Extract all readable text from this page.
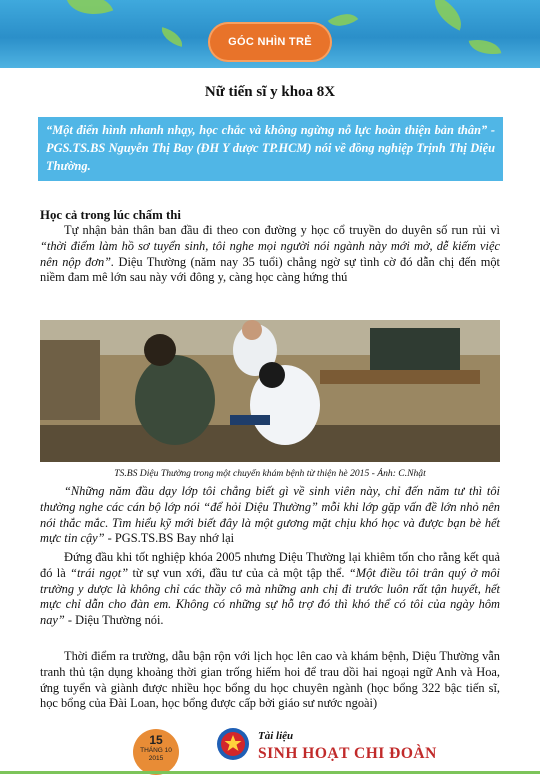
GÓC NHÌN TRẺ
Nữ tiến sĩ y khoa 8X
“Một điển hình nhanh nhạy, học chắc và không ngừng nỗ lực hoàn thiện bản thân” - PGS.TS.BS Nguyễn Thị Bay (ĐH Y dược TP.HCM) nói về đồng nghiệp Trịnh Thị Diệu Thường.
Học cả trong lúc chấm thi
Tự nhận bản thân ban đầu đi theo con đường y học cổ truyền do duyên số run rủi vì “thời điểm làm hồ sơ tuyển sinh, tôi nghe mọi người nói ngành này mới mở, dễ kiếm việc nên nộp đơn”. Diệu Thường (năm nay 35 tuổi) chẳng ngờ sự tình cờ đó dẫn chị đến một niềm đam mê lớn sau này với đông y, càng học càng hứng thú
TS.BS Diệu Thường trong một chuyến khám bệnh từ thiện hè 2015 - Ảnh: C.Nhật
“Những năm đầu dạy lớp tôi chẳng biết gì về sinh viên này, chỉ đến năm tư thì tôi thường nghe các cán bộ lớp nói “để hỏi Diệu Thường” mỗi khi lớp gặp vấn đề lớn nhỏ nên nói thắc mắc. Tìm hiểu kỹ mới biết đây là một gương mặt chịu khó học và được bạn bè hết mực tin cậy” - PGS.TS.BS Bay nhớ lại
Đứng đầu khi tốt nghiệp khóa 2005 nhưng Diệu Thường lại khiêm tốn cho rằng kết quả đó là “trái ngọt” từ sự vun xới, đầu tư của cả một tập thể. “Một điều tôi trân quý ở môi trường y dược là không chỉ các thầy cô mà những anh chị đi trước luôn rất tận huyết, hết mực chỉ dẫn cho đàn em. Không có những sự hỗ trợ đó thì khó thể có tôi của ngày hôm nay” - Diệu Thường nói.
Thời điểm ra trường, dẫu bận rộn với lịch học lên cao và khám bệnh, Diệu Thường vẫn tranh thủ tận dụng khoảng thời gian trống hiếm hoi để trau dồi hai ngoại ngữ Anh và Hoa, ứng tuyển và giành được nhiều học bổng du học chuyên ngành (học bổng 322 bậc tiến sĩ, học bổng của Đài Loan, học bổng được cấp bởi giáo sư nước ngoài)
15
THÁNG 10
2015
Tài liệu
SINH HOẠT CHI ĐOÀN
